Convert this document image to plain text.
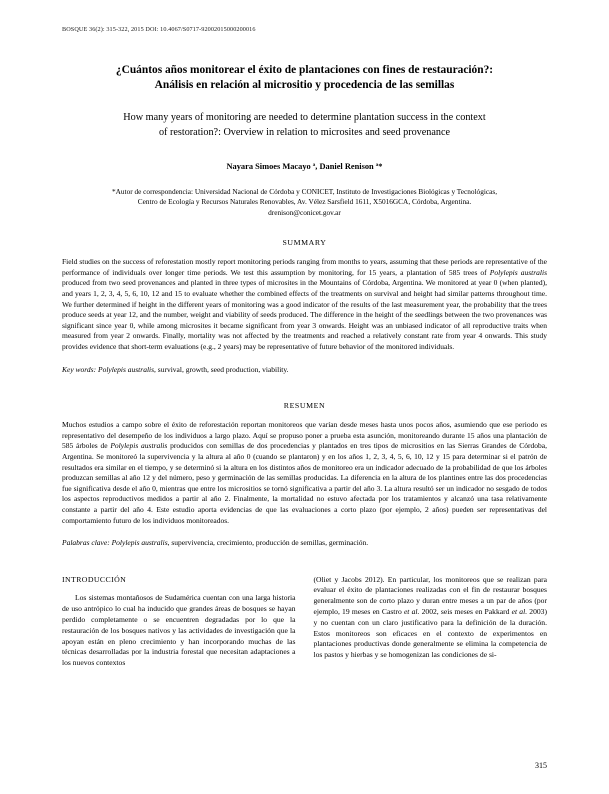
BOSQUE 36(2): 315-322, 2015 DOI: 10.4067/S0717-92002015000200016
¿Cuántos años monitorear el éxito de plantaciones con fines de restauración?:
Análisis en relación al micrositio y procedencia de las semillas
How many years of monitoring are needed to determine plantation success in the context
of restoration?: Overview in relation to microsites and seed provenance
Nayara Simoes Macayo ª, Daniel Renison ª*
*Autor de correspondencia: Universidad Nacional de Córdoba y CONICET, Instituto de Investigaciones Biológicas y Tecnológicas,
Centro de Ecología y Recursos Naturales Renovables, Av. Vélez Sarsfield 1611, X5016GCA, Córdoba, Argentina.
drenison@conicet.gov.ar
SUMMARY
Field studies on the success of reforestation mostly report monitoring periods ranging from months to years, assuming that these periods are representative of the performance of individuals over longer time periods. We test this assumption by monitoring, for 15 years, a plantation of 585 trees of Polylepis australis produced from two seed provenances and planted in three types of microsites in the Mountains of Córdoba, Argentina. We monitored at year 0 (when planted), and years 1, 2, 3, 4, 5, 6, 10, 12 and 15 to evaluate whether the combined effects of the treatments on survival and height had similar patterns throughout time. We further determined if height in the different years of monitoring was a good indicator of the results of the last measurement year, the probability that the trees produce seeds at year 12, and the number, weight and viability of seeds produced. The difference in the height of the seedlings between the two provenances was significant since year 0, while among microsites it became significant from year 3 onwards. Height was an unbiased indicator of all reproductive traits when measured from year 2 onwards. Finally, mortality was not affected by the treatments and reached a relatively constant rate from year 4 onwards. This study provides evidence that short-term evaluations (e.g., 2 years) may be representative of future behavior of the monitored individuals.
Key words: Polylepis australis, survival, growth, seed production, viability.
RESUMEN
Muchos estudios a campo sobre el éxito de reforestación reportan monitoreos que varían desde meses hasta unos pocos años, asumiendo que ese periodo es representativo del desempeño de los individuos a largo plazo. Aquí se propuso poner a prueba esta asunción, monitoreando durante 15 años una plantación de 585 árboles de Polylepis australis producidos con semillas de dos procedencias y plantados en tres tipos de micrositios en las Sierras Grandes de Córdoba, Argentina. Se monitoreó la supervivencia y la altura al año 0 (cuando se plantaron) y en los años 1, 2, 3, 4, 5, 6, 10, 12 y 15 para determinar si el patrón de resultados era similar en el tiempo, y se determinó si la altura en los distintos años de monitoreo era un indicador adecuado de la probabilidad de que los árboles produzcan semillas al año 12 y del número, peso y germinación de las semillas producidas. La diferencia en la altura de los plantines entre las dos procedencias fue significativa desde el año 0, mientras que entre los micrositios se tornó significativa a partir del año 3. La altura resultó ser un indicador no sesgado de todos los aspectos reproductivos medidos a partir al año 2. Finalmente, la mortalidad no estuvo afectada por los tratamientos y alcanzó una tasa relativamente constante a partir del año 4. Este estudio aporta evidencias de que las evaluaciones a corto plazo (por ejemplo, 2 años) pueden ser representativas del comportamiento futuro de los individuos monitoreados.
Palabras clave: Polylepis australis, supervivencia, crecimiento, producción de semillas, germinación.
INTRODUCCIÓN

Los sistemas montañosos de Sudamérica cuentan con una larga historia de uso antrópico lo cual ha inducido que grandes áreas de bosques se hayan perdido completamente o se encuentren degradadas por lo que la restauración de los bosques nativos y las actividades de investigación que la apoyan están en pleno crecimiento y han incorporando muchas de las técnicas desarrolladas por la industria forestal que necesitan adaptaciones a los nuevos contextos

(Oliet y Jacobs 2012). En particular, los monitoreos que se realizan para evaluar el éxito de plantaciones realizadas con el fin de restaurar bosques generalmente son de corto plazo y duran entre meses a un par de años (por ejemplo, 19 meses en Castro et al. 2002, seis meses en Pakkard et al. 2003) y no cuentan con un claro justificativo para la definición de la duración. Estos monitoreos son eficaces en el contexto de experimentos en plantaciones productivas donde generalmente se elimina la competencia de los pastos y hierbas y se homogenizan las condiciones de si-

315
